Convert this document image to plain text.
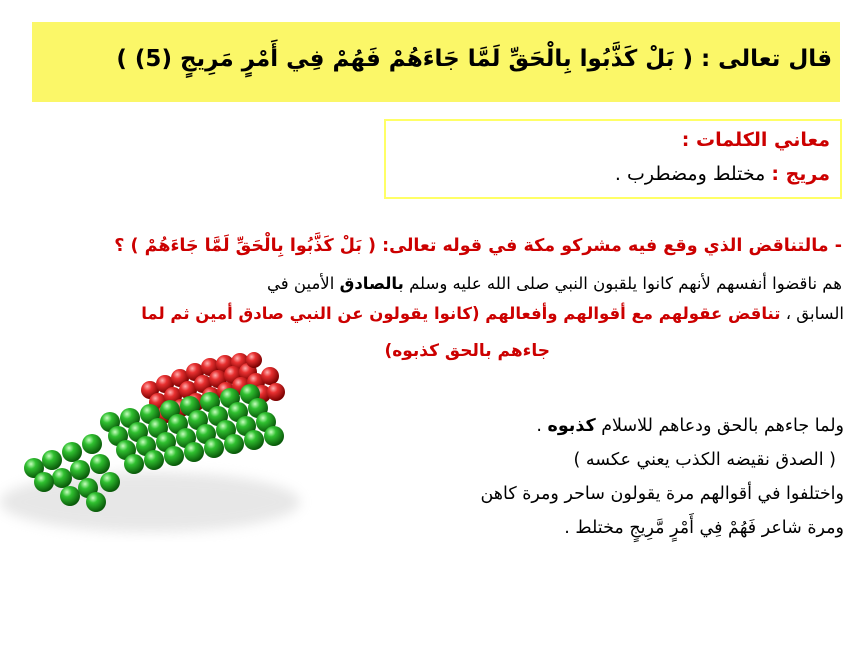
قال تعالى : ( بَلْ كَذَّبُوا بِالْحَقِّ لَمَّا جَاءَهُمْ فَهُمْ فِي أَمْرٍ مَرِيجٍ (5) )
معاني الكلمات :
مريج : مختلط ومضطرب .
- مالتناقض الذي وقع فيه مشركو مكة في قوله تعالى: ( بَلْ كَذَّبُوا بِالْحَقِّ لَمَّا جَاءَهُمْ ) ؟
هم ناقضوا أنفسهم لأنهم كانوا يلقبون النبي صلى الله عليه وسلم بالصادق الأمين في
السابق ، تناقض عقولهم مع أقوالهم وأفعالهم (كانوا يقولون عن النبي صادق أمين ثم لما
جاءهم بالحق كذبوه)
ولما جاءهم بالحق ودعاهم للاسلام كذبوه .
( الصدق نقيضه الكذب يعني عكسه )
واختلفوا في أقوالهم مرة يقولون ساحر ومرة كاهن
ومرة شاعر فَهُمْ فِي أَمْرٍ مَّرِيجٍ مختلط .
